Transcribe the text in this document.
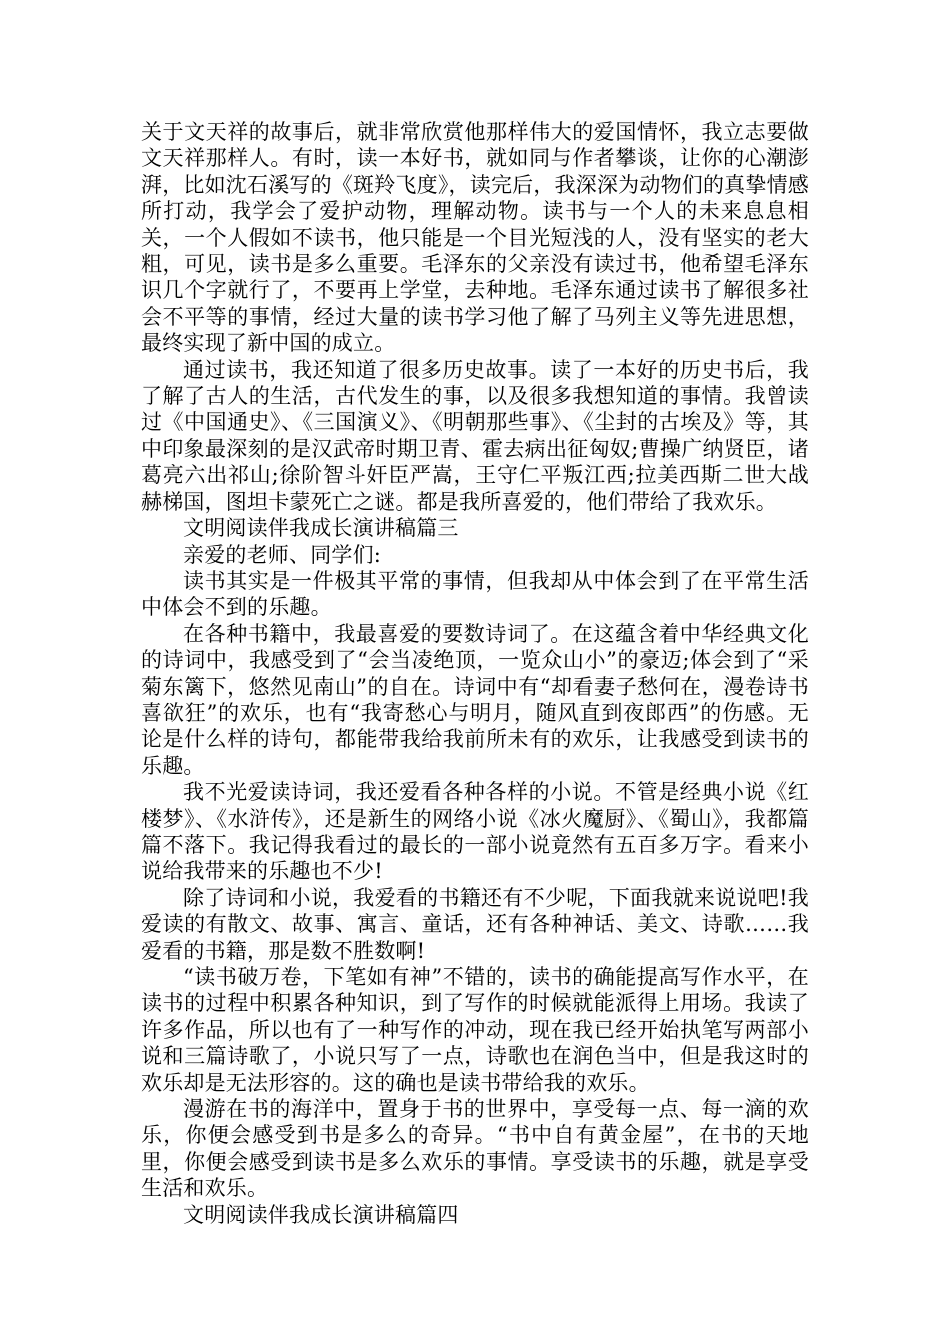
关于文天祥的故事后，就非常欣赏他那样伟大的爱国情怀，我立志要做文天祥那样人。有时，读一本好书，就如同与作者攀谈，让你的心潮澎湃，比如沈石溪写的《斑羚飞度》，读完后，我深深为动物们的真挚情感所打动，我学会了爱护动物，理解动物。读书与一个人的未来息息相关，一个人假如不读书，他只能是一个目光短浅的人，没有坚实的老大粗，可见，读书是多么重要。毛泽东的父亲没有读过书，他希望毛泽东识几个字就行了，不要再上学堂，去种地。毛泽东通过读书了解很多社会不平等的事情，经过大量的读书学习他了解了马列主义等先进思想，最终实现了新中国的成立。

通过读书，我还知道了很多历史故事。读了一本好的历史书后，我了解了古人的生活，古代发生的事，以及很多我想知道的事情。我曾读过《中国通史》、《三国演义》、《明朝那些事》、《尘封的古埃及》等，其中印象最深刻的是汉武帝时期卫青、霍去病出征匈奴;曹操广纳贤臣，诸葛亮六出祁山;徐阶智斗奸臣严嵩，王守仁平叛江西;拉美西斯二世大战赫梯国，图坦卡蒙死亡之谜。都是我所喜爱的，他们带给了我欢乐。

文明阅读伴我成长演讲稿篇三

亲爱的老师、同学们:

读书其实是一件极其平常的事情，但我却从中体会到了在平常生活中体会不到的乐趣。

在各种书籍中，我最喜爱的要数诗词了。在这蕴含着中华经典文化的诗词中，我感受到了“会当凌绝顶，一览众山小”的豪迈;体会到了“采菊东篱下，悠然见南山”的自在。诗词中有“却看妻子愁何在，漫卷诗书喜欲狂”的欢乐，也有“我寄愁心与明月，随风直到夜郎西”的伤感。无论是什么样的诗句，都能带我给我前所未有的欢乐，让我感受到读书的乐趣。

我不光爱读诗词，我还爱看各种各样的小说。不管是经典小说《红楼梦》、《水浒传》，还是新生的网络小说《冰火魔厨》、《蜀山》，我都篇篇不落下。我记得我看过的最长的一部小说竟然有五百多万字。看来小说给我带来的乐趣也不少!

除了诗词和小说，我爱看的书籍还有不少呢，下面我就来说说吧!我爱读的有散文、故事、寓言、童话，还有各种神话、美文、诗歌……我爱看的书籍，那是数不胜数啊!

“读书破万卷，下笔如有神”不错的，读书的确能提高写作水平，在读书的过程中积累各种知识，到了写作的时候就能派得上用场。我读了许多作品，所以也有了一种写作的冲动，现在我已经开始执笔写两部小说和三篇诗歌了，小说只写了一点，诗歌也在润色当中，但是我这时的欢乐却是无法形容的。这的确也是读书带给我的欢乐。

漫游在书的海洋中，置身于书的世界中，享受每一点、每一滴的欢乐，你便会感受到书是多么的奇异。“书中自有黄金屋”，在书的天地里，你便会感受到读书是多么欢乐的事情。享受读书的乐趣，就是享受生活和欢乐。

文明阅读伴我成长演讲稿篇四
